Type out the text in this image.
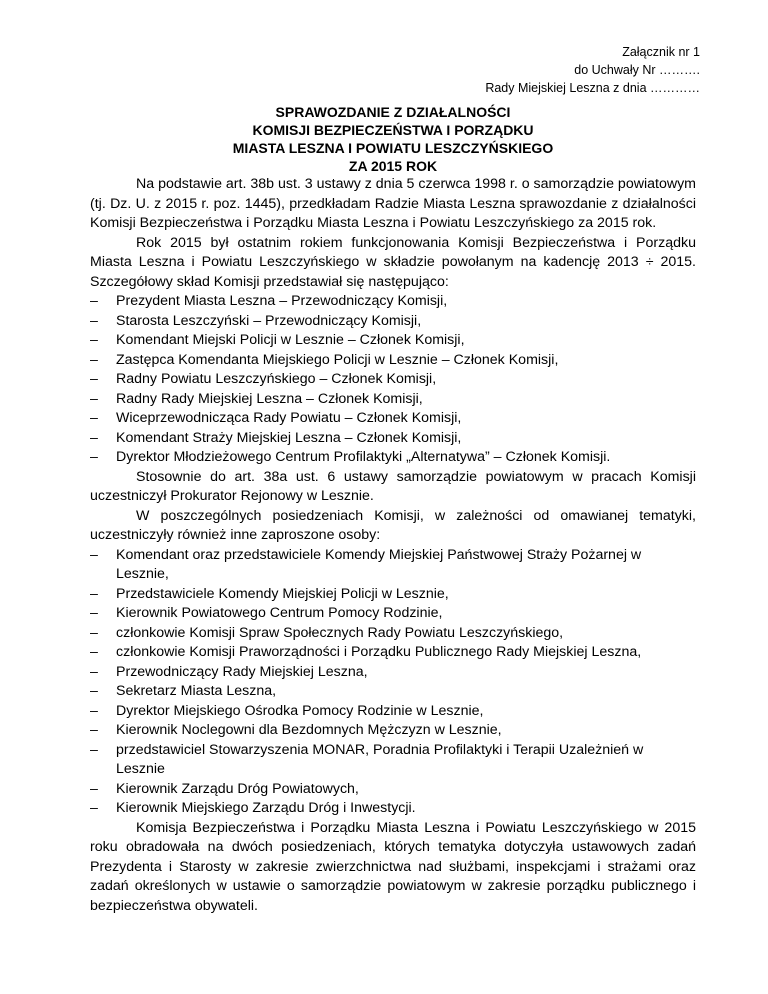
Załącznik nr 1
do Uchwały Nr ……….
Rady Miejskiej Leszna z dnia …………
SPRAWOZDANIE Z DZIAŁALNOŚCI
KOMISJI BEZPIECZEŃSTWA I PORZĄDKU
MIASTA LESZNA I POWIATU LESZCZYŃSKIEGO
ZA 2015 ROK

Na podstawie art. 38b ust. 3 ustawy z dnia 5 czerwca 1998 r. o samorządzie powiatowym (tj. Dz. U. z 2015 r. poz. 1445), przedkładam Radzie Miasta Leszna sprawozdanie z działalności Komisji Bezpieczeństwa i Porządku Miasta Leszna i Powiatu Leszczyńskiego za 2015 rok.

Rok 2015 był ostatnim rokiem funkcjonowania Komisji Bezpieczeństwa i Porządku Miasta Leszna i Powiatu Leszczyńskiego w składzie powołanym na kadencję 2013 ÷ 2015. Szczegółowy skład Komisji przedstawiał się następująco:

– Prezydent Miasta Leszna – Przewodniczący Komisji,
– Starosta Leszczyński – Przewodniczący Komisji,
– Komendant Miejski Policji w Lesznie – Członek Komisji,
– Zastępca Komendanta Miejskiego Policji w Lesznie – Członek Komisji,
– Radny Powiatu Leszczyńskiego – Członek Komisji,
– Radny Rady Miejskiej Leszna – Członek Komisji,
– Wiceprzewodnicząca Rady Powiatu – Członek Komisji,
– Komendant Straży Miejskiej Leszna – Członek Komisji,
– Dyrektor Młodzieżowego Centrum Profilaktyki „Alternatywa” – Członek Komisji.

Stosownie do art. 38a ust. 6 ustawy samorządzie powiatowym w pracach Komisji uczestniczył Prokurator Rejonowy w Lesznie.

W poszczególnych posiedzeniach Komisji, w zależności od omawianej tematyki, uczestniczyły również inne zaproszone osoby:

– Komendant oraz przedstawiciele Komendy Miejskiej Państwowej Straży Pożarnej w Lesznie,
– Przedstawiciele Komendy Miejskiej Policji w Lesznie,
– Kierownik Powiatowego Centrum Pomocy Rodzinie,
– członkowie Komisji Spraw Społecznych Rady Powiatu Leszczyńskiego,
– członkowie Komisji Praworządności i Porządku Publicznego Rady Miejskiej Leszna,
– Przewodniczący Rady Miejskiej Leszna,
– Sekretarz Miasta Leszna,
– Dyrektor Miejskiego Ośrodka Pomocy Rodzinie w Lesznie,
– Kierownik Noclegowni dla Bezdomnych Mężczyzn w Lesznie,
– przedstawiciel Stowarzyszenia MONAR, Poradnia Profilaktyki i Terapii Uzależnień w Lesznie
– Kierownik Zarządu Dróg Powiatowych,
– Kierownik Miejskiego Zarządu Dróg i Inwestycji.

Komisja Bezpieczeństwa i Porządku Miasta Leszna i Powiatu Leszczyńskiego w 2015 roku obradowała na dwóch posiedzeniach, których tematyka dotyczyła ustawowych zadań Prezydenta i Starosty w zakresie zwierzchnictwa nad służbami, inspekcjami i strażami oraz zadań określonych w ustawie o samorządzie powiatowym w zakresie porządku publicznego i bezpieczeństwa obywateli.
